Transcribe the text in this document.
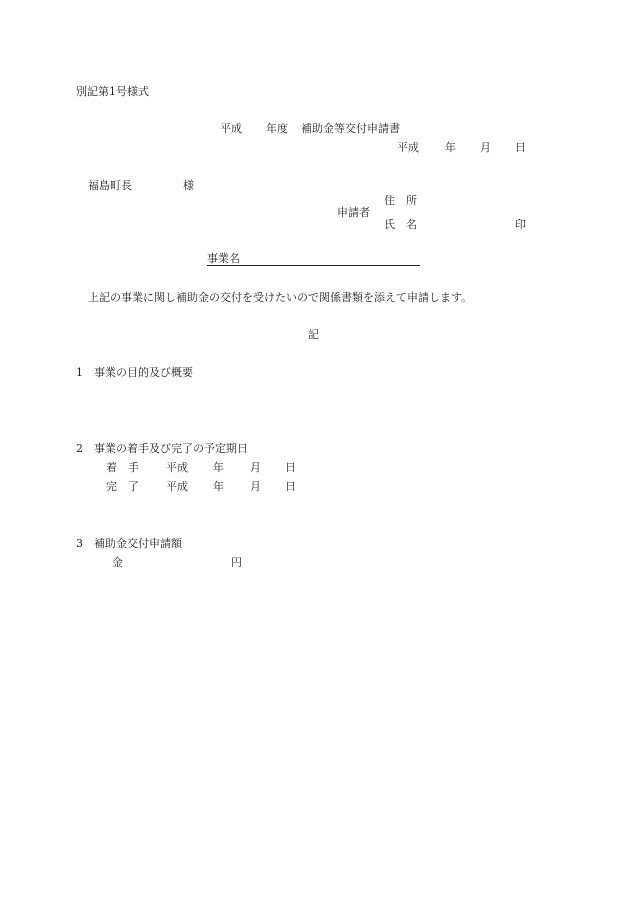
別記第1号様式
平成 年度 補助金等交付申請書
平成 年 月 日
福島町長	様
住　所
申請者
氏　名	印
事業名
上記の事業に関し補助金の交付を受けたいので関係書類を添えて申請します。
記
1 事業の目的及び概要
2 事業の着手及び完了の予定期日
着　手 平成 年 月 日
完　了 平成 年 月 日
3 補助金交付申請額
金	円
